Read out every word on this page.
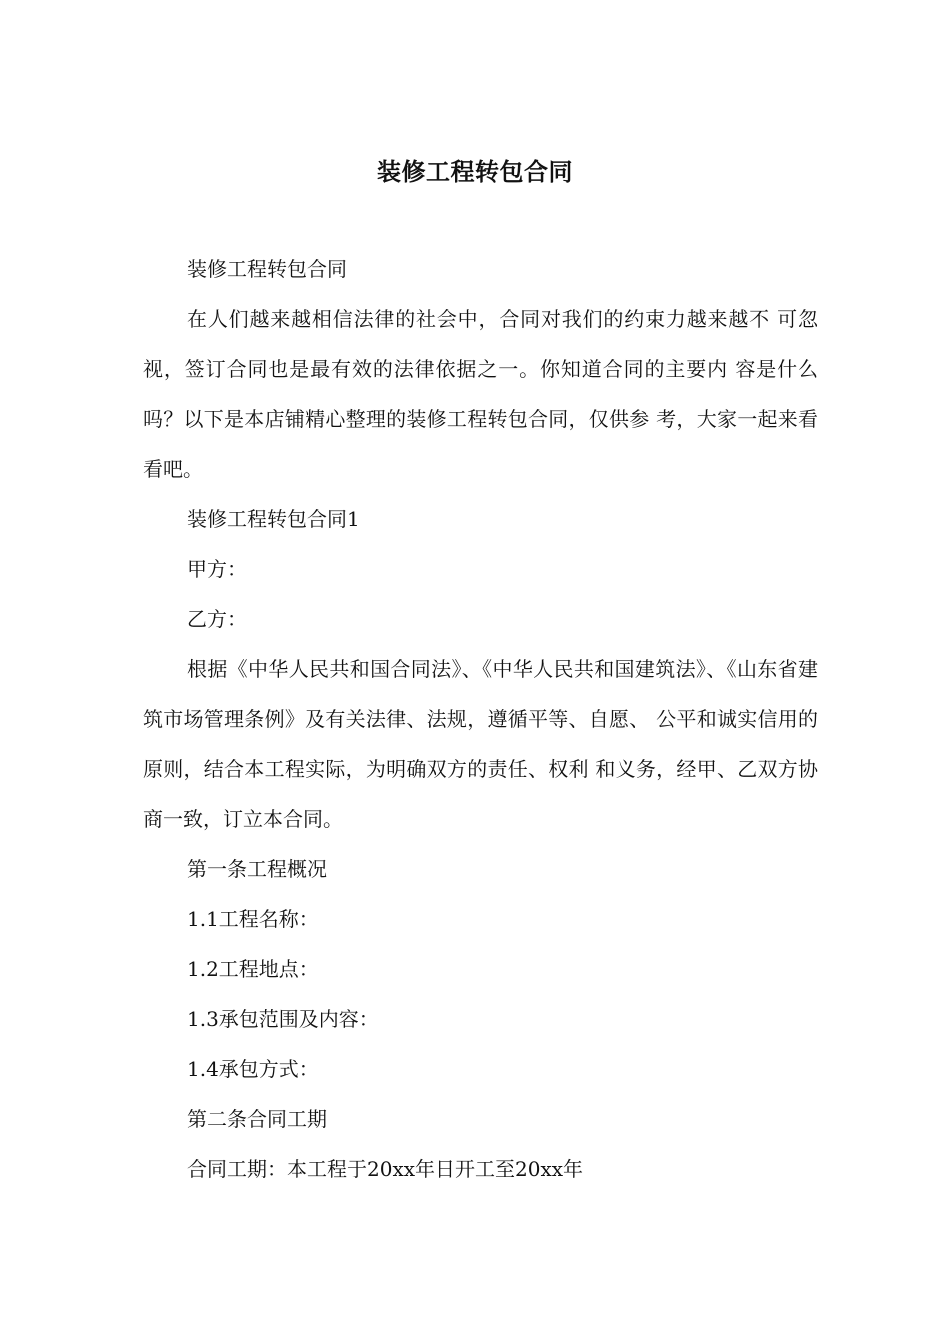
装修工程转包合同

装修工程转包合同

在人们越来越相信法律的社会中，合同对我们的约束力越来越不 可忽视，签订合同也是最有效的法律依据之一。你知道合同的主要内 容是什么吗？以下是本店铺精心整理的装修工程转包合同，仅供参 考，大家一起来看看吧。

装修工程转包合同1

甲方：

乙方：

根据《中华人民共和国合同法》、《中华人民共和国建筑法》、《山东省建筑市场管理条例》及有关法律、法规，遵循平等、自愿、 公平和诚实信用的原则，结合本工程实际，为明确双方的责任、权利 和义务，经甲、乙双方协商一致，订立本合同。

第一条工程概况

1.1工程名称：

1.2工程地点：

1.3承包范围及内容：

1.4承包方式：

第二条合同工期

合同工期：本工程于20xx年日开工至20xx年
